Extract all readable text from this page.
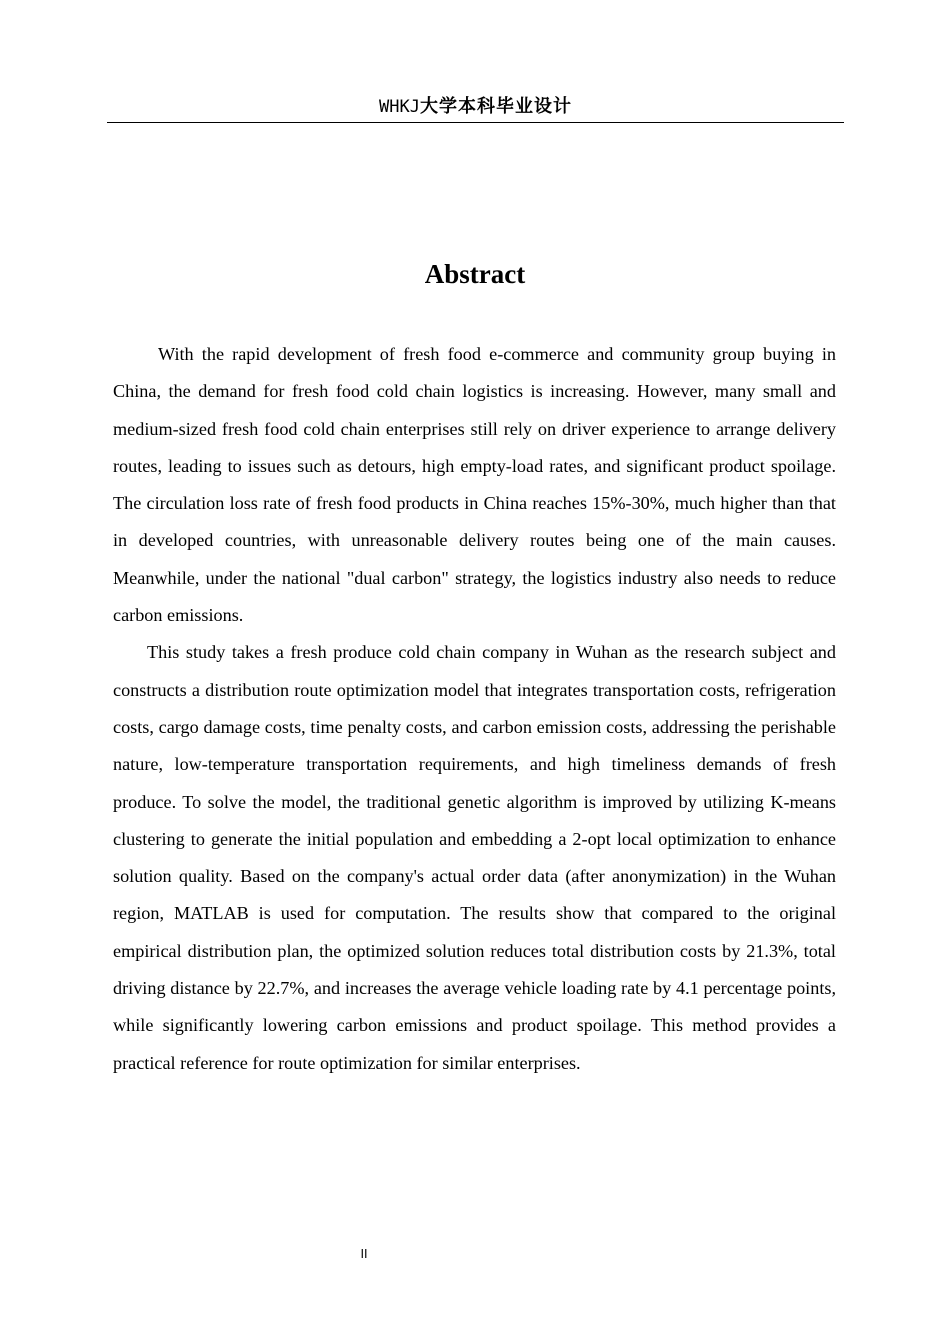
WHKJ大学本科毕业设计
Abstract

With the rapid development of fresh food e-commerce and community group buying in China, the demand for fresh food cold chain logistics is increasing. However, many small and medium-sized fresh food cold chain enterprises still rely on driver experience to arrange delivery routes, leading to issues such as detours, high empty-load rates, and significant product spoilage. The circulation loss rate of fresh food products in China reaches 15%-30%, much higher than that in developed countries, with unreasonable delivery routes being one of the main causes. Meanwhile, under the national "dual carbon" strategy, the logistics industry also needs to reduce carbon emissions.

This study takes a fresh produce cold chain company in Wuhan as the research subject and constructs a distribution route optimization model that integrates transportation costs, refrigeration costs, cargo damage costs, time penalty costs, and carbon emission costs, addressing the perishable nature, low-temperature transportation requirements, and high timeliness demands of fresh produce. To solve the model, the traditional genetic algorithm is improved by utilizing K-means clustering to generate the initial population and embedding a 2-opt local optimization to enhance solution quality. Based on the company's actual order data (after anonymization) in the Wuhan region, MATLAB is used for computation. The results show that compared to the original empirical distribution plan, the optimized solution reduces total distribution costs by 21.3%, total driving distance by 22.7%, and increases the average vehicle loading rate by 4.1 percentage points, while significantly lowering carbon emissions and product spoilage. This method provides a practical reference for route optimization for similar enterprises.

II
